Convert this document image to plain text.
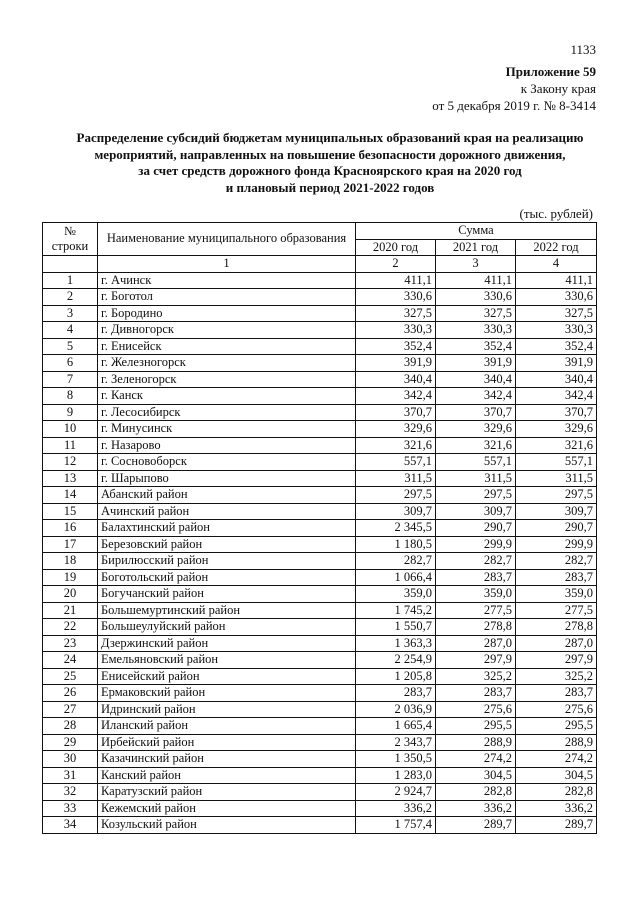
1133
Приложение 59
к Закону края
от 5 декабря 2019 г. № 8-3414
Распределение субсидий бюджетам муниципальных образований края на реализацию
мероприятий, направленных на повышение безопасности дорожного движения,
за счет средств дорожного фонда Красноярского края на 2020 год
и плановый период 2021-2022 годов
(тыс. рублей)
№
строки	Наименование муниципального образования	Сумма		
		2020 год	2021 год	2022 год
	1	2	3	4
1	г. Ачинск	411,1	411,1	411,1
2	г. Боготол	330,6	330,6	330,6
3	г. Бородино	327,5	327,5	327,5
4	г. Дивногорск	330,3	330,3	330,3
5	г. Енисейск	352,4	352,4	352,4
6	г. Железногорск	391,9	391,9	391,9
7	г. Зеленогорск	340,4	340,4	340,4
8	г. Канск	342,4	342,4	342,4
9	г. Лесосибирск	370,7	370,7	370,7
10	г. Минусинск	329,6	329,6	329,6
11	г. Назарово	321,6	321,6	321,6
12	г. Сосновоборск	557,1	557,1	557,1
13	г. Шарыпово	311,5	311,5	311,5
14	Абанский район	297,5	297,5	297,5
15	Ачинский район	309,7	309,7	309,7
16	Балахтинский район	2 345,5	290,7	290,7
17	Березовский район	1 180,5	299,9	299,9
18	Бирилюсский район	282,7	282,7	282,7
19	Боготольский район	1 066,4	283,7	283,7
20	Богучанский район	359,0	359,0	359,0
21	Большемуртинский район	1 745,2	277,5	277,5
22	Большеулуйский район	1 550,7	278,8	278,8
23	Дзержинский район	1 363,3	287,0	287,0
24	Емельяновский район	2 254,9	297,9	297,9
25	Енисейский район	1 205,8	325,2	325,2
26	Ермаковский район	283,7	283,7	283,7
27	Идринский район	2 036,9	275,6	275,6
28	Иланский район	1 665,4	295,5	295,5
29	Ирбейский район	2 343,7	288,9	288,9
30	Казачинский район	1 350,5	274,2	274,2
31	Канский район	1 283,0	304,5	304,5
32	Каратузский район	2 924,7	282,8	282,8
33	Кежемский район	336,2	336,2	336,2
34	Козульский район	1 757,4	289,7	289,7
